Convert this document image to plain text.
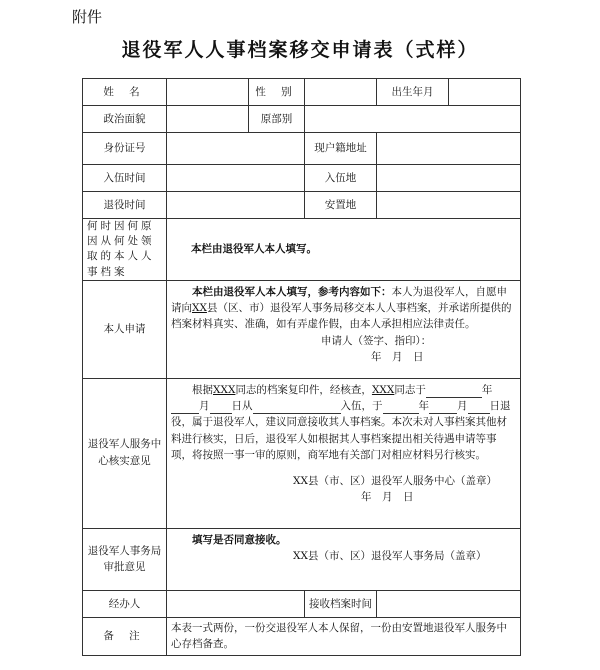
附件
退役军人人事档案移交申请表（式样）
姓 名		性 别		出生年月	
政治面貌		原部别			
身份证号			现户籍地址		
入伍时间			入伍地		
退役时间			安置地		
何时因何原因从何处领取的本人人事档案	本栏由退役军人本人填写。				
本人申请	本栏由退役军人本人填写，参考内容如下：本人为退役军人，自愿申请向XX县（区、市）退役军人事务局移交本人人事档案，并承诺所提供的档案材料真实、准确，如有弄虚作假，由本人承担相应法律责任。

申请人（签字、指印）：

年　月　日				

退役军人服务中心核实意见	根据XXX同志的档案复印件，经核查，XXX同志于 年月 日从 入伍，于 年 月 日退役，属于退役军人，建议同意接收其人事档案。本次未对人事档案其他材料进行核实，日后，退役军人如根据其人事档案提出相关待遇申请等事项，将按照一事一审的原则，商军地有关部门对相应材料另行核实。

XX县（市、区）退役军人服务中心（盖章）

年　月　日				

退役军人事务局审批意见	填写是否同意接收。

XX县（市、区）退役军人事务局（盖章）				

经办人			接收档案时间		
备 注	本表一式两份，一份交退役军人本人保留，一份由安置地退役军人服务中心存档备查。				
